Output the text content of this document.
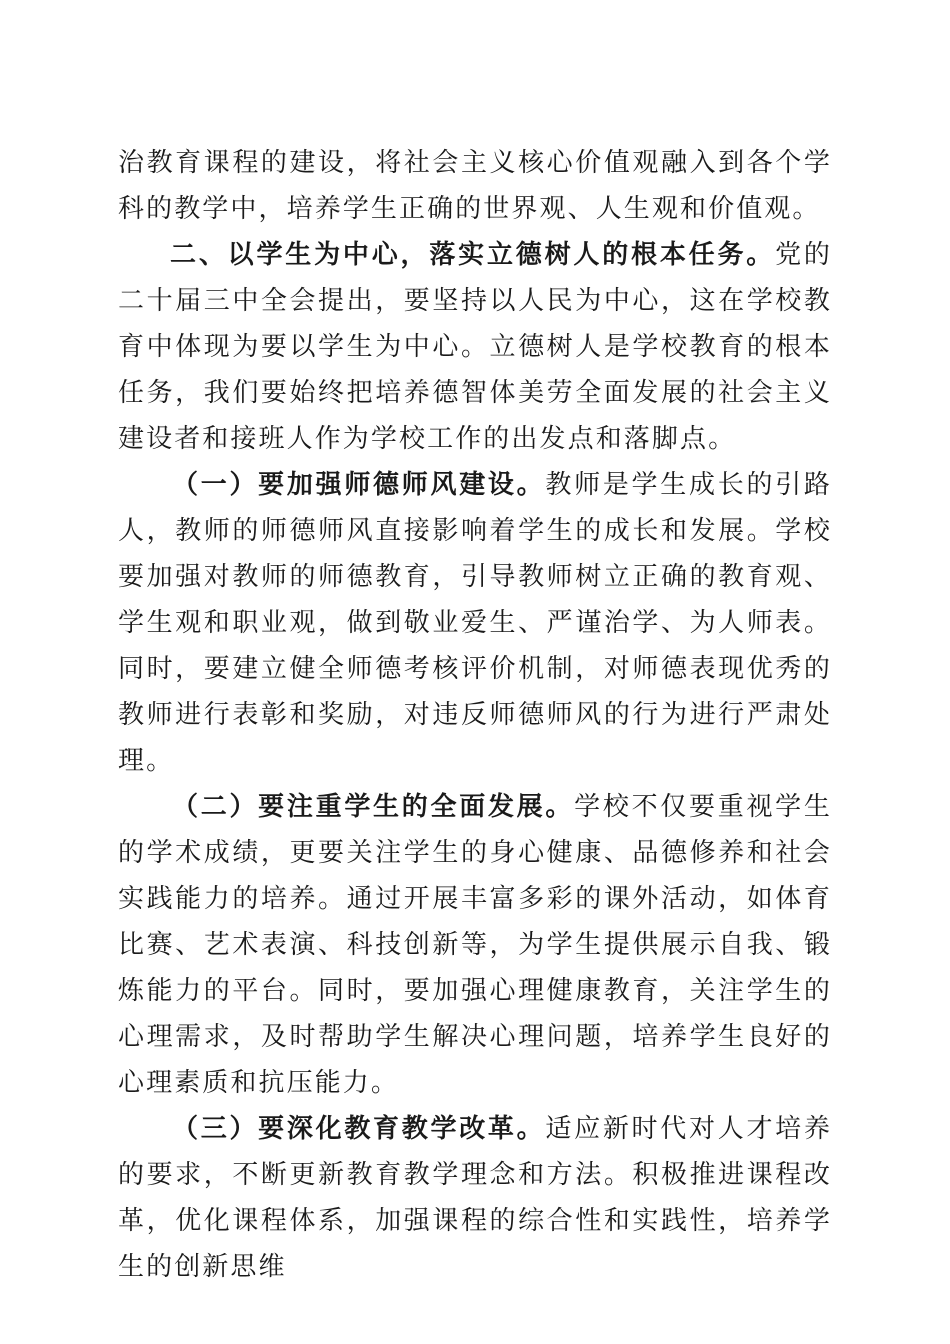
治教育课程的建设，将社会主义核心价值观融入到各个学科的教学中，培养学生正确的世界观、人生观和价值观。

二、以学生为中心，落实立德树人的根本任务。党的二十届三中全会提出，要坚持以人民为中心，这在学校教育中体现为要以学生为中心。立德树人是学校教育的根本任务，我们要始终把培养德智体美劳全面发展的社会主义建设者和接班人作为学校工作的出发点和落脚点。

（一）要加强师德师风建设。教师是学生成长的引路人，教师的师德师风直接影响着学生的成长和发展。学校要加强对教师的师德教育，引导教师树立正确的教育观、学生观和职业观，做到敬业爱生、严谨治学、为人师表。同时，要建立健全师德考核评价机制，对师德表现优秀的教师进行表彰和奖励，对违反师德师风的行为进行严肃处理。

（二）要注重学生的全面发展。学校不仅要重视学生的学术成绩，更要关注学生的身心健康、品德修养和社会实践能力的培养。通过开展丰富多彩的课外活动，如体育比赛、艺术表演、科技创新等，为学生提供展示自我、锻炼能力的平台。同时，要加强心理健康教育，关注学生的心理需求，及时帮助学生解决心理问题，培养学生良好的心理素质和抗压能力。

（三）要深化教育教学改革。适应新时代对人才培养的要求，不断更新教育教学理念和方法。积极推进课程改革，优化课程体系，加强课程的综合性和实践性，培养学生的创新思维
